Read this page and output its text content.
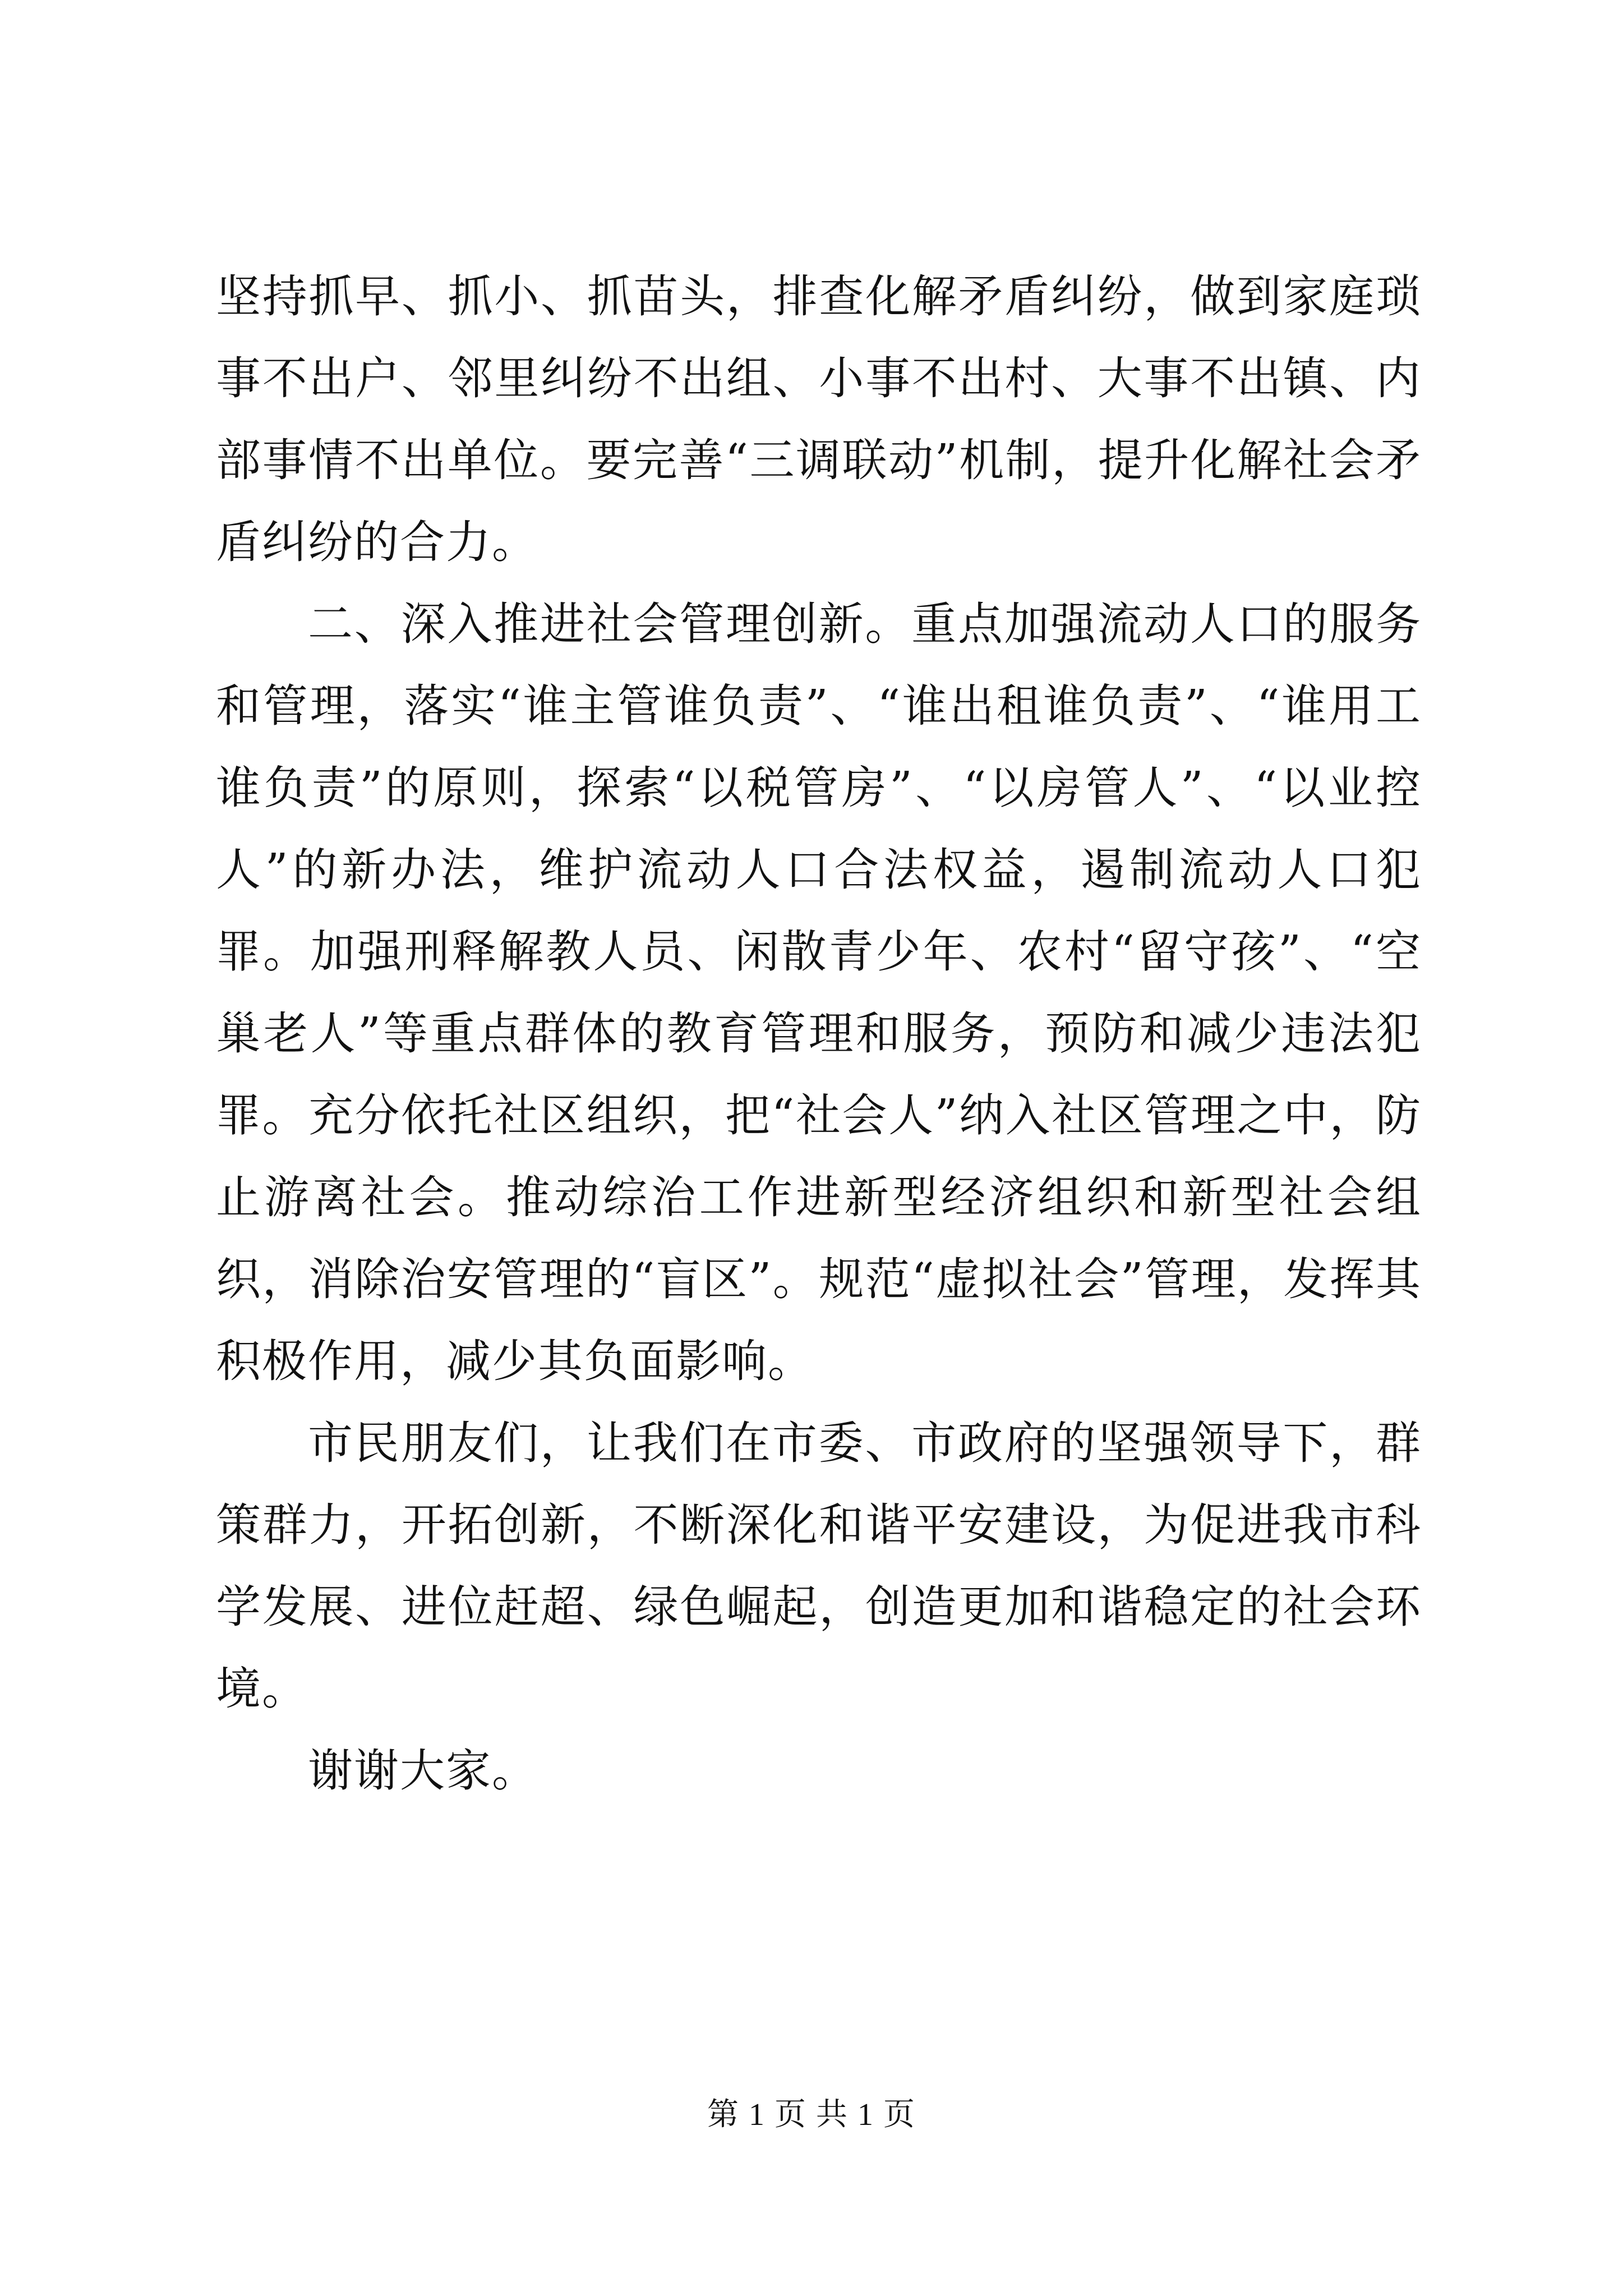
坚持抓早、抓小、抓苗头，排查化解矛盾纠纷，做到家庭琐事不出户、邻里纠纷不出组、小事不出村、大事不出镇、内部事情不出单位。要完善“三调联动”机制，提升化解社会矛盾纠纷的合力。

二、深入推进社会管理创新。重点加强流动人口的服务和管理，落实“谁主管谁负责”、“谁出租谁负责”、“谁用工谁负责”的原则，探索“以税管房”、“以房管人”、“以业控人”的新办法，维护流动人口合法权益，遏制流动人口犯罪。加强刑释解教人员、闲散青少年、农村“留守孩”、“空巢老人”等重点群体的教育管理和服务，预防和减少违法犯罪。充分依托社区组织，把“社会人”纳入社区管理之中，防止游离社会。推动综治工作进新型经济组织和新型社会组织，消除治安管理的“盲区”。规范“虚拟社会”管理，发挥其积极作用，减少其负面影响。

市民朋友们，让我们在市委、市政府的坚强领导下，群策群力，开拓创新，不断深化和谐平安建设，为促进我市科学发展、进位赶超、绿色崛起，创造更加和谐稳定的社会环境。

谢谢大家。

第 1 页 共 1 页
